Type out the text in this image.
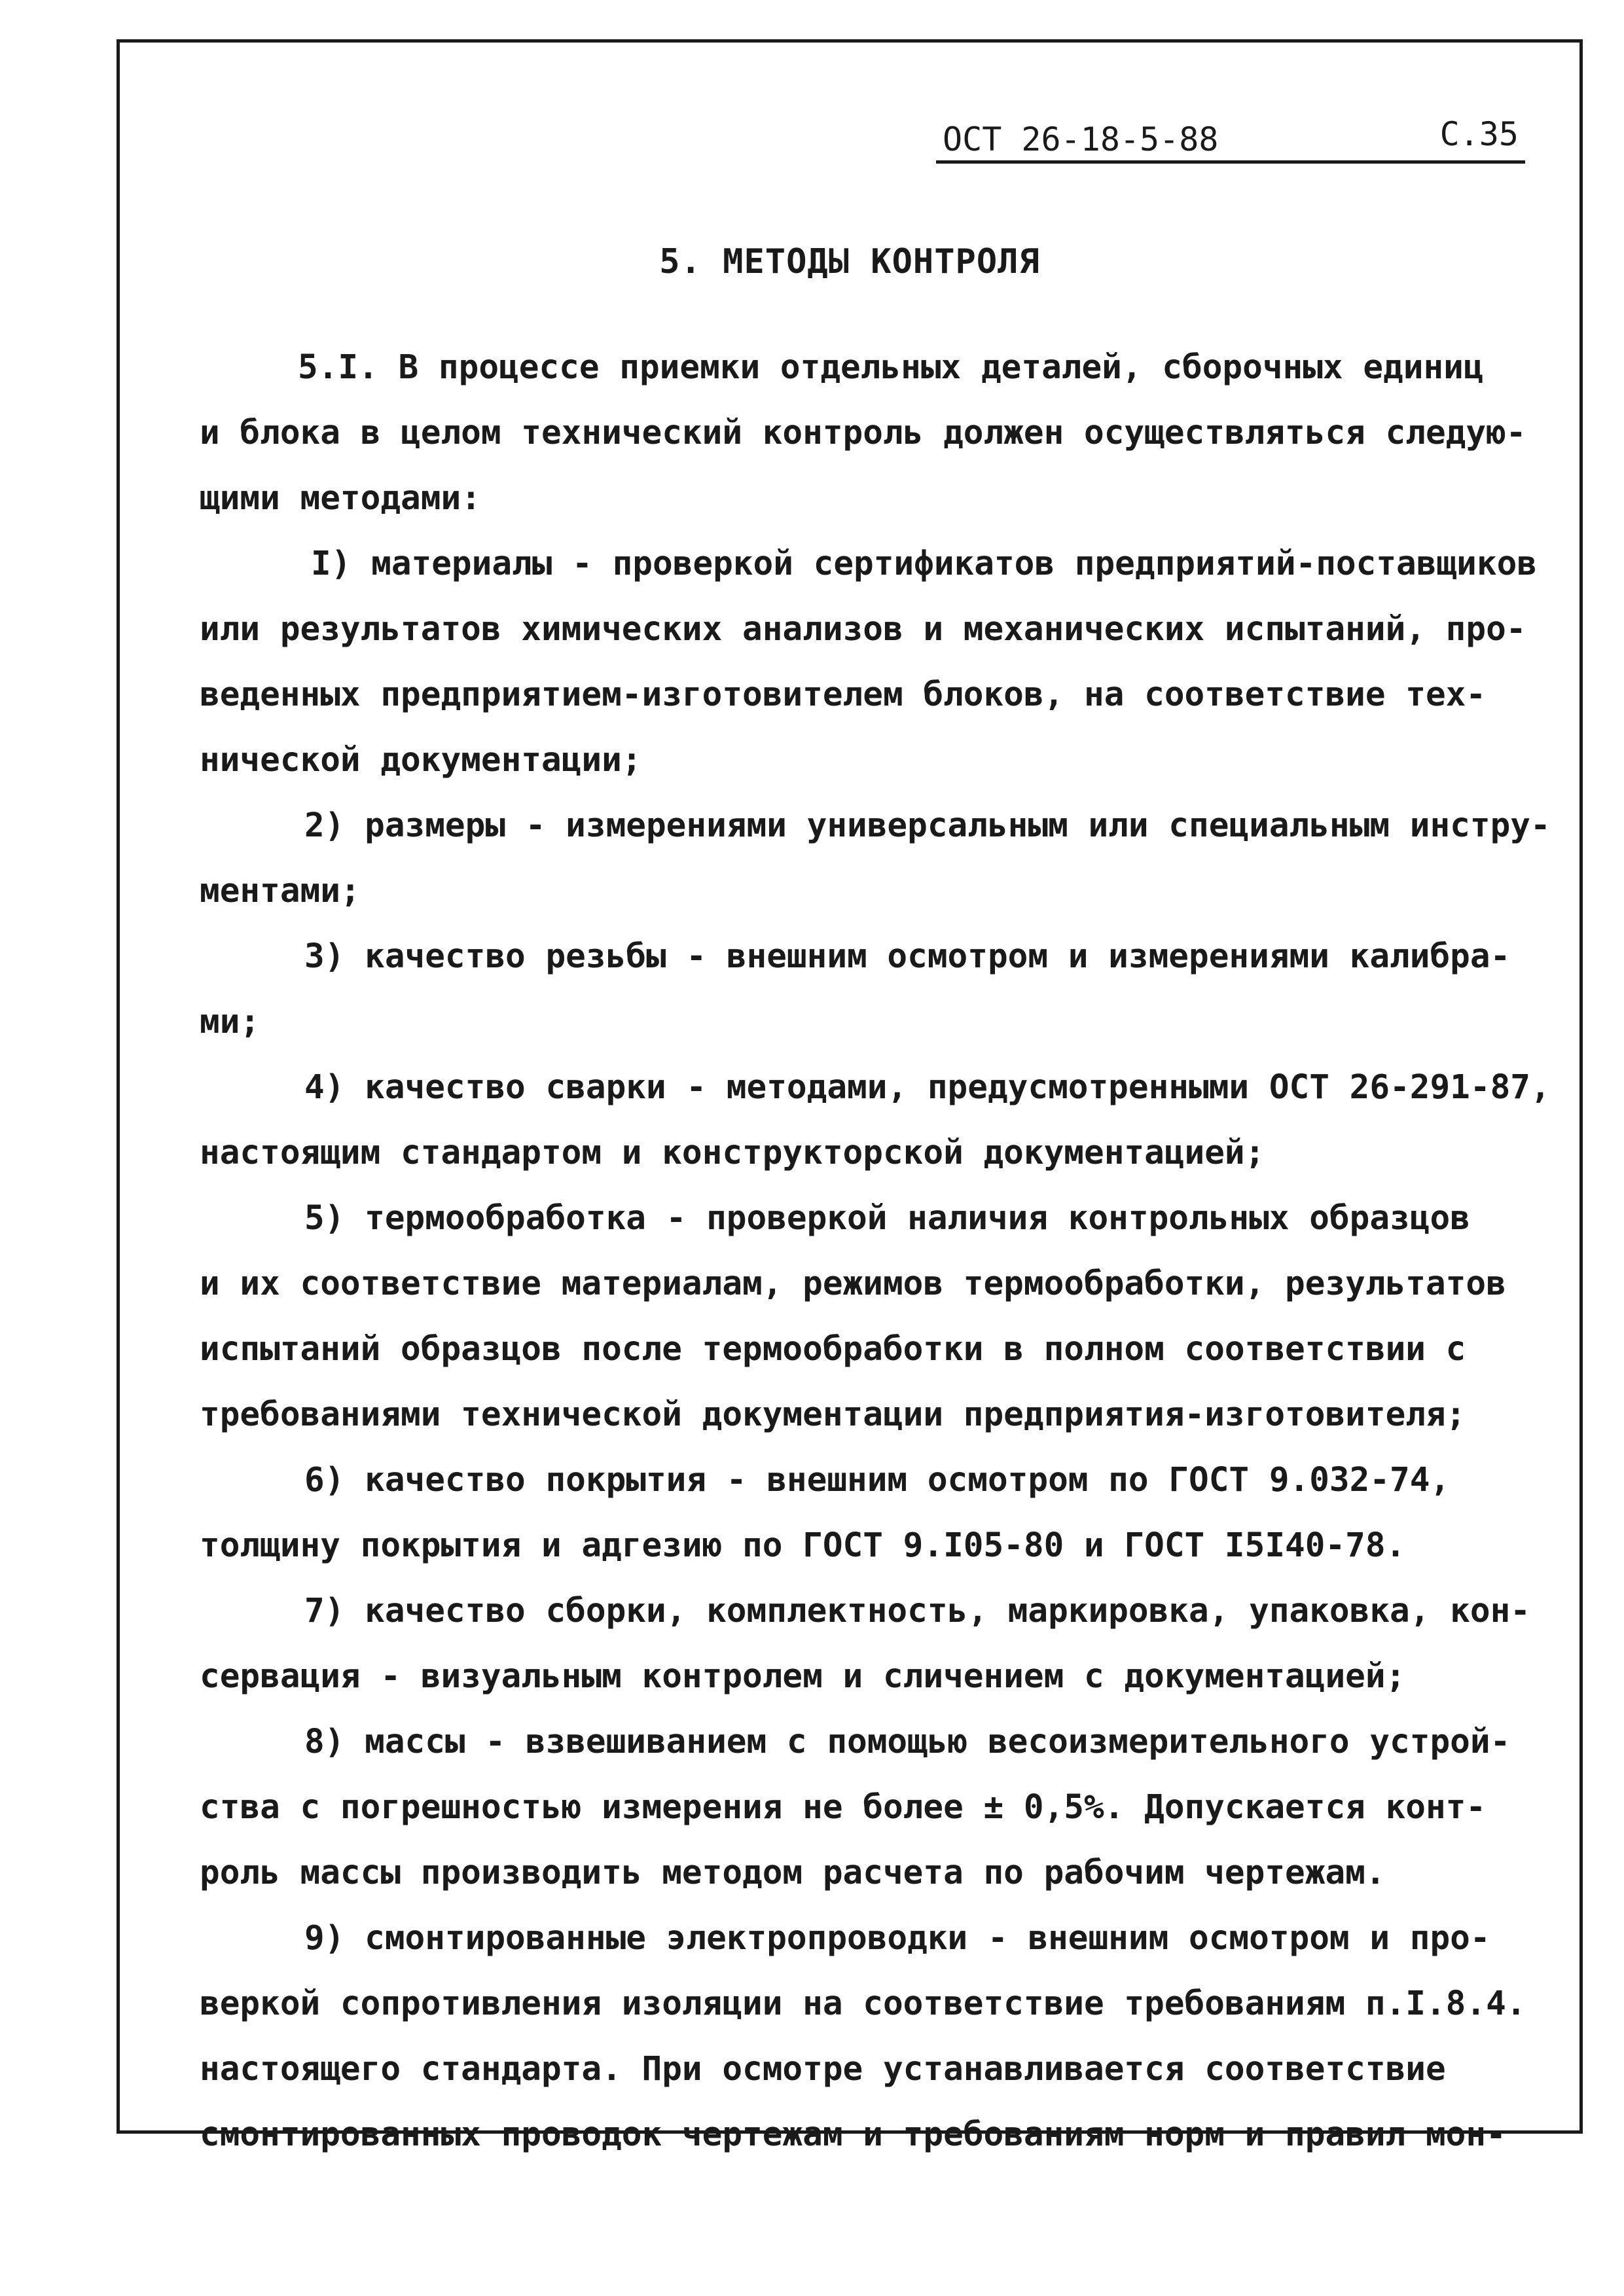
ОСТ 26-18-5-88	С.35
5. МЕТОДЫ КОНТРОЛЯ
5.I. В процессе приемки отдельных деталей, сборочных единиц
и блока в целом технический контроль должен осуществляться следую-
щими методами:
I) материалы - проверкой сертификатов предприятий-поставщиков
или результатов химических анализов и механических испытаний, про-
веденных предприятием-изготовителем блоков, на соответствие тех-
нической документации;
2) размеры - измерениями универсальным или специальным инстру-
ментами;
3) качество резьбы - внешним осмотром и измерениями калибра-
ми;
4) качество сварки - методами, предусмотренными ОСТ 26-291-87,
настоящим стандартом и конструкторской документацией;
5) термообработка - проверкой наличия контрольных образцов
и их соответствие материалам, режимов термообработки, результатов
испытаний образцов после термообработки в полном соответствии с
требованиями технической документации предприятия-изготовителя;
6) качество покрытия - внешним осмотром по ГОСТ 9.032-74,
толщину покрытия и адгезию по ГОСТ 9.I05-80 и ГОСТ I5I40-78.
7) качество сборки, комплектность, маркировка, упаковка, кон-
сервация - визуальным контролем и сличением с документацией;
8) массы - взвешиванием с помощью весоизмерительного устрой-
ства с погрешностью измерения не более ± 0,5%. Допускается конт-
роль массы производить методом расчета по рабочим чертежам.
9) смонтированные электропроводки - внешним осмотром и про-
веркой сопротивления изоляции на соответствие требованиям п.I.8.4.
настоящего стандарта. При осмотре устанавливается соответствие
смонтированных проводок чертежам и требованиям норм и правил мон-
